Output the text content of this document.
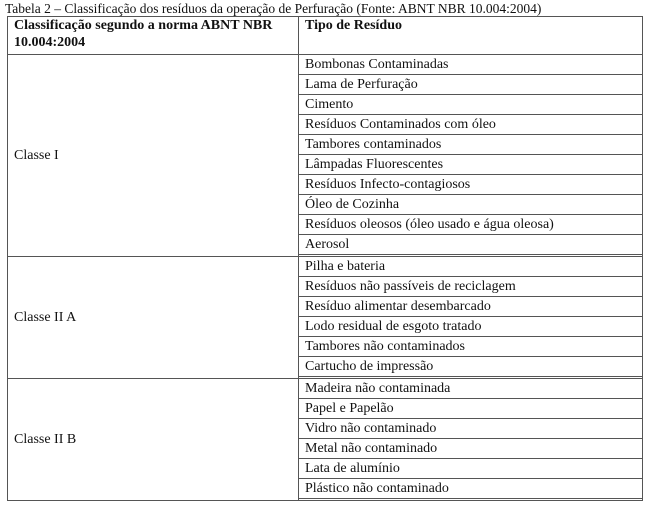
Tabela 2 – Classificação dos resíduos da operação de Perfuração (Fonte: ABNT NBR 10.004:2004)
Classificação segundo a norma ABNT NBR 10.004:2004	Tipo de Resíduo
Classe I	Bombonas Contaminadas
	Lama de Perfuração
	Cimento
	Resíduos Contaminados com óleo
	Tambores contaminados
	Lâmpadas Fluorescentes
	Resíduos Infecto-contagiosos
	Óleo de Cozinha
	Resíduos oleosos (óleo usado e água oleosa)
	Aerosol

Classe II A	Pilha e bateria
	Resíduos não passíveis de reciclagem
	Resíduo alimentar desembarcado
	Lodo residual de esgoto tratado
	Tambores não contaminados
	Cartucho de impressão

Classe II B	Madeira não contaminada
	Papel e Papelão
	Vidro não contaminado
	Metal não contaminado
	Lata de alumínio
	Plástico não contaminado
